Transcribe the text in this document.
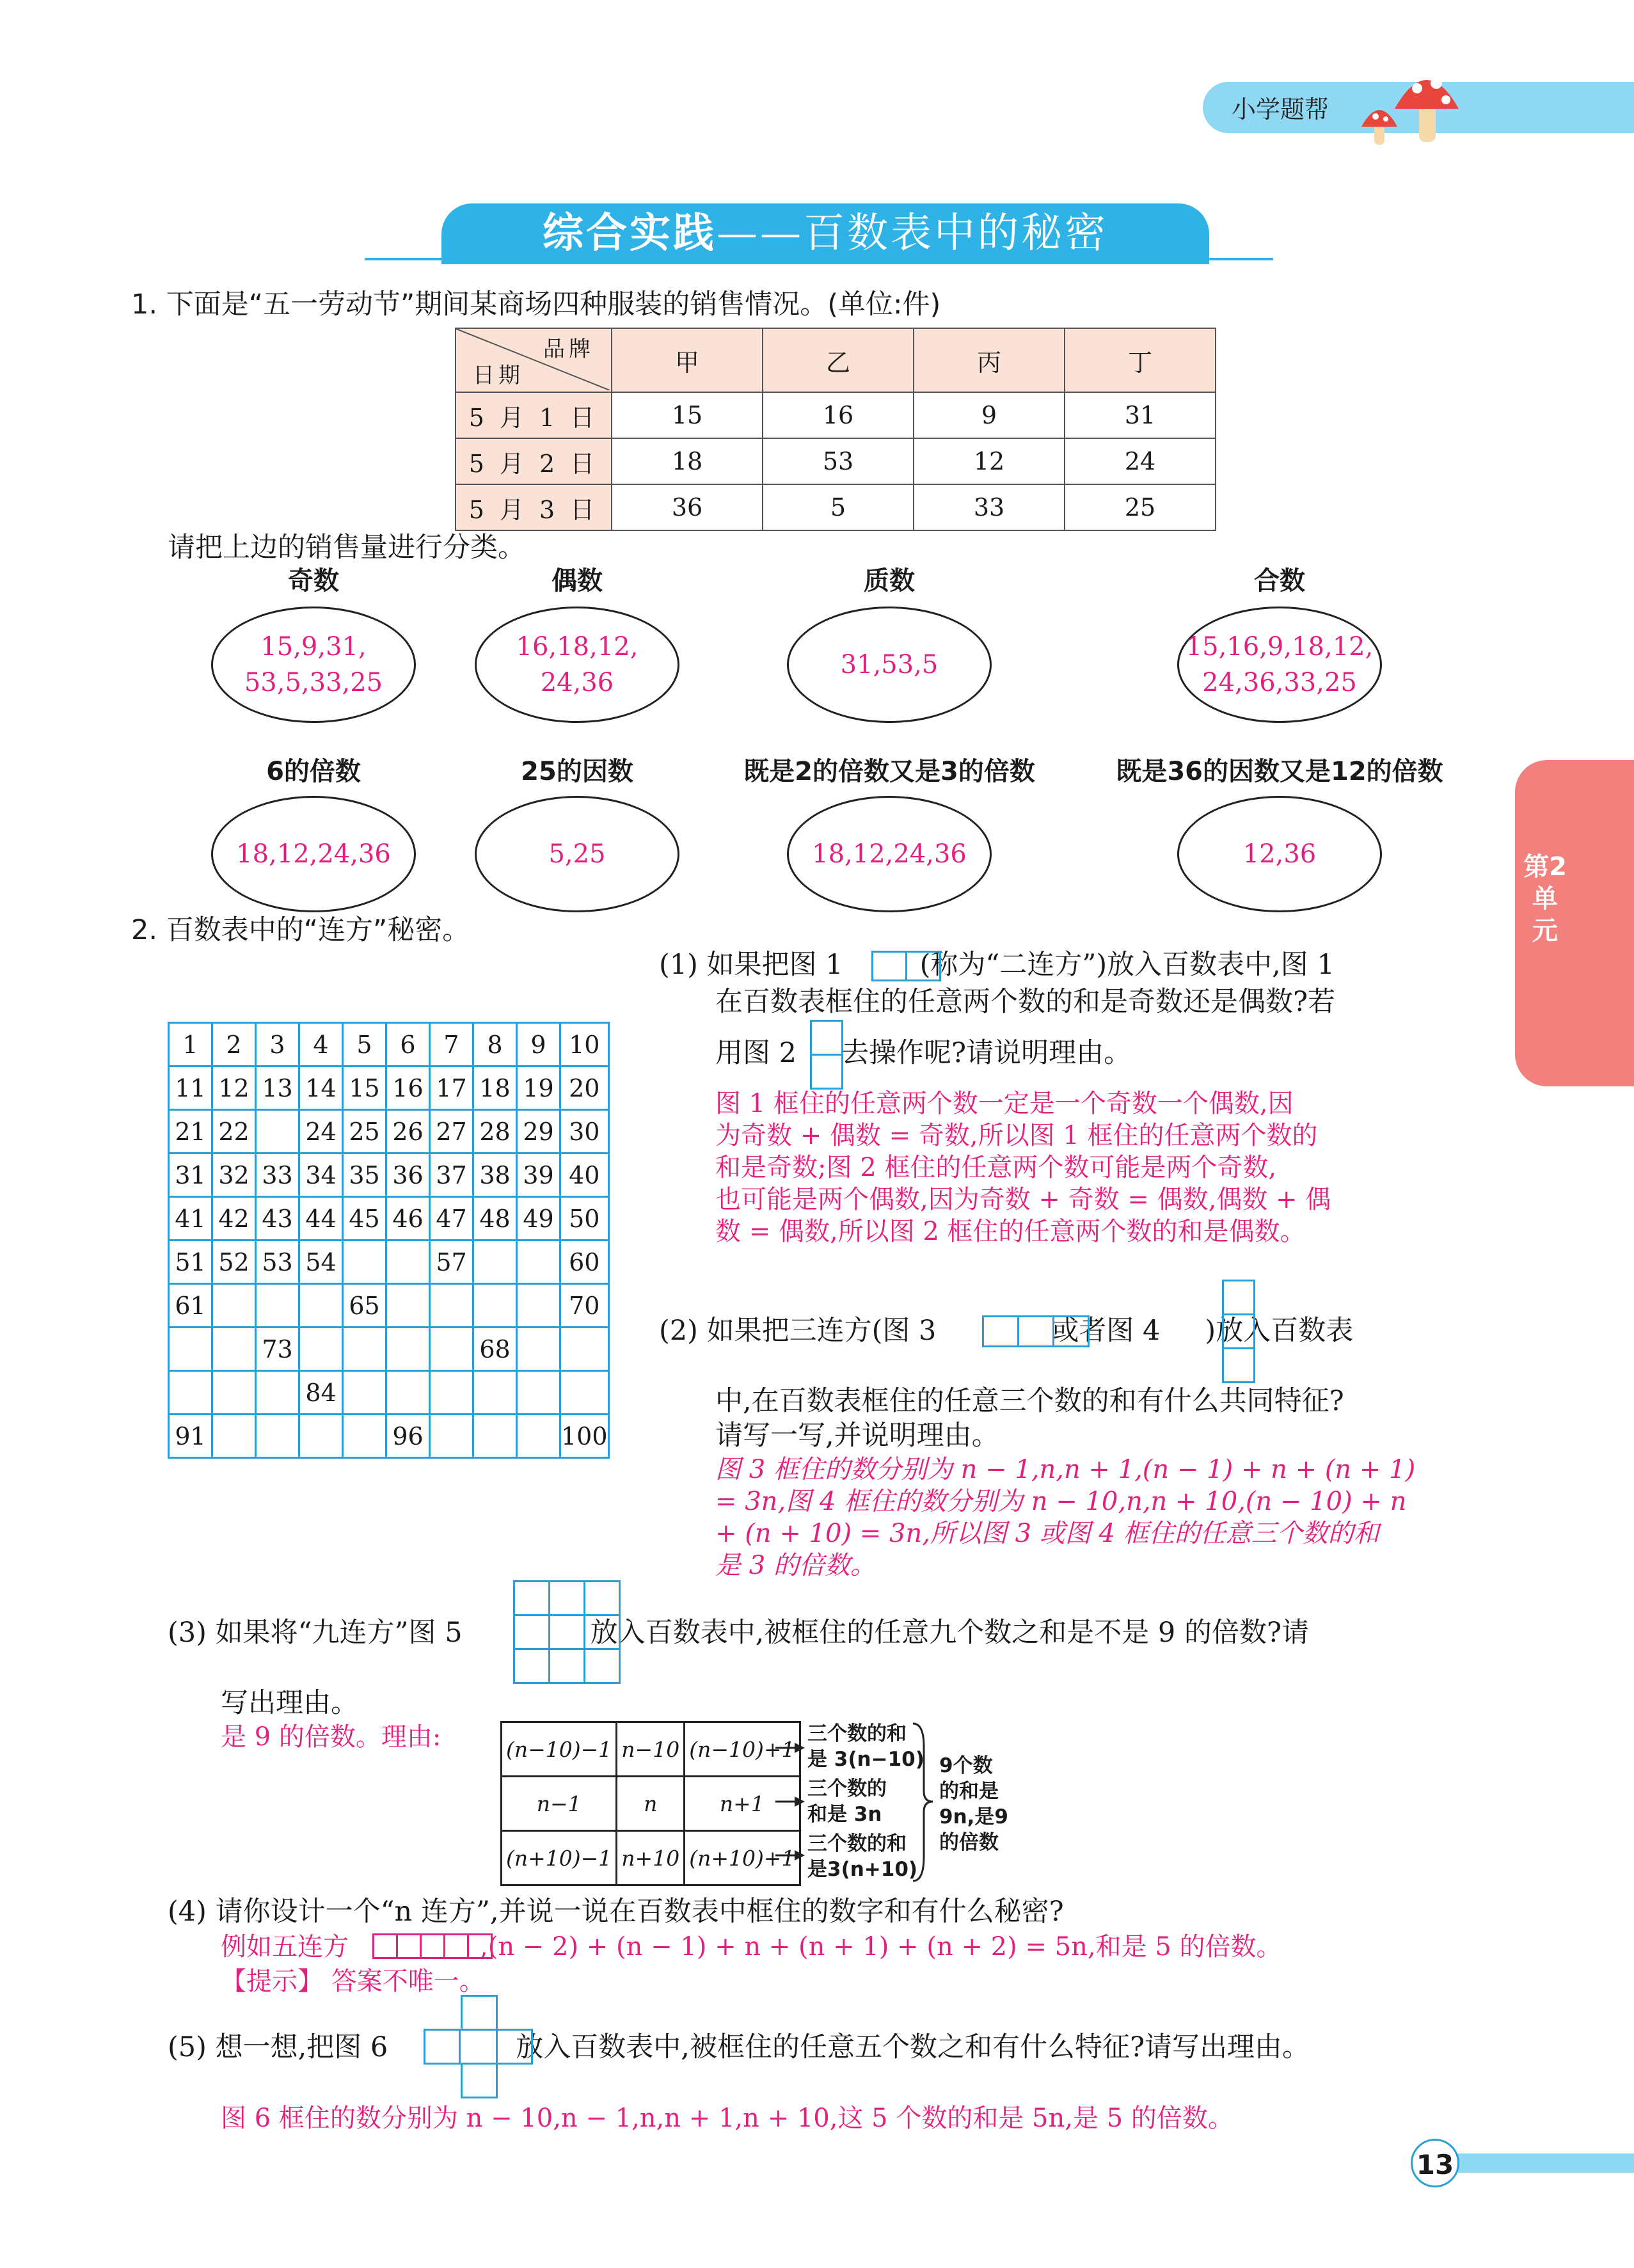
小学题帮
综合实践——百数表中的秘密
1. 下面是“五一劳动节”期间某商场四种服装的销售情况。(单位:件)
品牌
日期	甲	乙	丙	丁
5 月 1 日	15	16	9	31
5 月 2 日	18	53	12	24
5 月 3 日	36	5	33	25
请把上边的销售量进行分类。
奇数
15,9,31,
53,5,33,25
偶数
16,18,12,
24,36
质数
31,53,5
合数
15,16,9,18,12,
24,36,33,25
6的倍数
18,12,24,36
25的因数
5,25
既是2的倍数又是3的倍数
18,12,24,36
既是36的因数又是12的倍数
12,36	第2单元
2. 百数表中的“连方”秘密。
1	2	3	4	5	6	7	8	9	10
11	12	13	14	15	16	17	18	19	20
21	22		24	25	26	27	28	29	30
31	32	33	34	35	36	37	38	39	40
41	42	43	44	45	46	47	48	49	50
51	52	53	54			57			60
61				65					70
		73					68		
			84						
91					96				100
(1) 如果把图 1	(称为“二连方”)放入百数表中,图 1
在百数表框住的任意两个数的和是奇数还是偶数?若
用图 2 去操作呢?请说明理由。
图 1 框住的任意两个数一定是一个奇数一个偶数,因
为奇数 + 偶数 = 奇数,所以图 1 框住的任意两个数的
和是奇数;图 2 框住的任意两个数可能是两个奇数,
也可能是两个偶数,因为奇数 + 奇数 = 偶数,偶数 + 偶
数 = 偶数,所以图 2 框住的任意两个数的和是偶数。
(2) 如果把三连方(图 3	或者图 4 )放入百数表
中,在百数表框住的任意三个数的和有什么共同特征?
请写一写,并说明理由。
图 3 框住的数分别为 n − 1,n,n + 1,(n − 1) + n + (n + 1)
= 3n,图 4 框住的数分别为 n − 10,n,n + 10,(n − 10) + n
+ (n + 10) = 3n,所以图 3 或图 4 框住的任意三个数的和
是 3 的倍数。
(3) 如果将“九连方”图 5	放入百数表中,被框住的任意九个数之和是不是 9 的倍数?请
写出理由。
是 9 的倍数。理由:	(n−10)−1	n−10	(n−10)+1
n−1	n	n+1
(n+10)−1	n+10	(n+10)+1
三个数的和
是 3(n−10)
三个数的
和是 3n
三个数的和
是3(n+10)
9个数
的和是
9n,是9
的倍数
(4) 请你设计一个“n 连方”,并说一说在百数表中框住的数字和有什么秘密?
例如五连方	,(n − 2) + (n − 1) + n + (n + 1) + (n + 2) = 5n,和是 5 的倍数。
【提示】 答案不唯一。
(5) 想一想,把图 6	放入百数表中,被框住的任意五个数之和有什么特征?请写出理由。
图 6 框住的数分别为 n − 10,n − 1,n,n + 1,n + 10,这 5 个数的和是 5n,是 5 的倍数。
13
